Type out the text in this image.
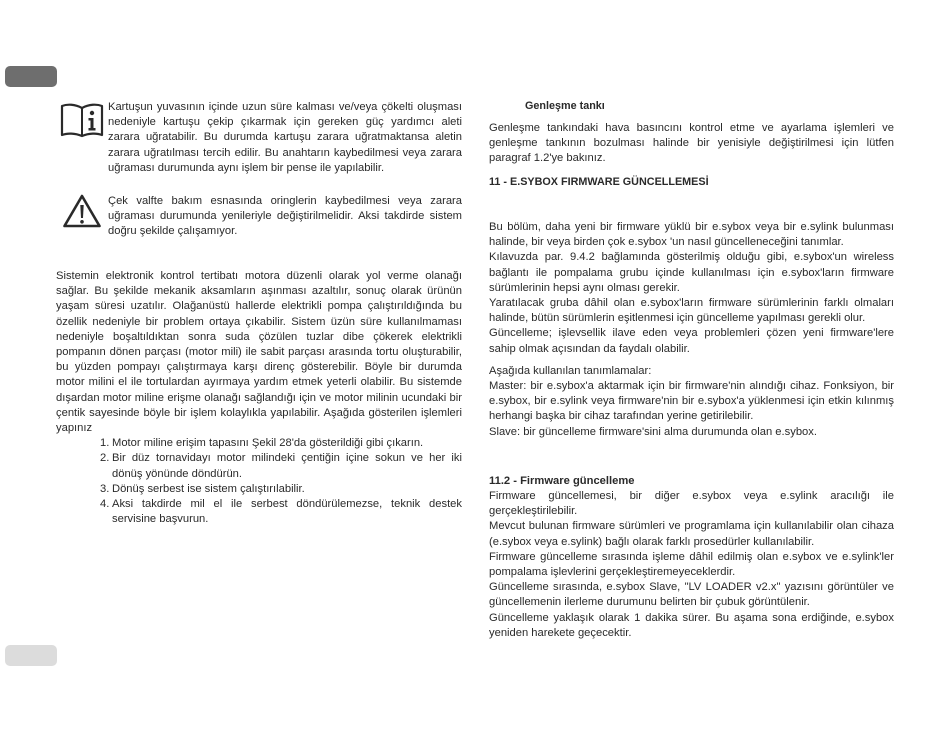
Kartuşun yuvasının içinde uzun süre kalması ve/veya çökelti oluşması nedeniyle kartuşu çekip çıkarmak için gereken güç yardımcı aleti zarara uğratabilir. Bu durumda kartuşu zarara uğratmaktansa aletin zarara uğratılması tercih edilir. Bu anahtarın kaybedilmesi veya zarara uğraması durumunda aynı işlem bir pense ile yapılabilir.

Çek valfte bakım esnasında oringlerin kaybedilmesi veya zarara uğraması durumunda yenileriyle değiştirilmelidir. Aksi takdirde sistem doğru şekilde çalışamıyor.

Sistemin elektronik kontrol tertibatı motora düzenli olarak yol verme olanağı sağlar. Bu şekilde mekanik aksamların aşınması azaltılır, sonuç olarak ürünün yaşam süresi uzatılır. Olağanüstü hallerde elektrikli pompa çalıştırıldığında bu özellik nedeniyle bir problem ortaya çıkabilir. Sistem üzün süre kullanılmaması nedeniyle boşaltıldıktan sonra suda çözülen tuzlar dibe çökerek elektrikli pompanın dönen parçası (motor mili) ile sabit parçası arasında tortu oluşturabilir, bu yüzden pompayı çalıştırmaya karşı direnç gösterebilir. Böyle bir durumda motor milini el ile tortulardan ayırmaya yardım etmek yeterli olabilir. Bu sistemde dışardan motor miline erişme olanağı sağlandığı için ve motor milinin ucundaki bir çentik sayesinde böyle bir işlem kolaylıkla yapılabilir. Aşağıda gösterilen işlemleri yapınız

1. Motor miline erişim tapasını Şekil 28'da gösterildiği gibi çıkarın.
2. Bir düz tornavidayı motor milindeki çentiğin içine sokun ve her iki dönüş yönünde döndürün.
3. Dönüş serbest ise sistem çalıştırılabilir.
4. Aksi takdirde mil el ile serbest döndürülemezse, teknik destek servisine başvurun.
Genleşme tankı

Genleşme tankındaki hava basıncını kontrol etme ve ayarlama işlemleri ve genleşme tankının bozulması halinde bir yenisiyle değiştirilmesi için lütfen paragraf 1.2'ye bakınız.

11 - E.SYBOX FIRMWARE GÜNCELLEMESİ

Bu bölüm, daha yeni bir firmware yüklü bir e.sybox veya bir e.sylink bulunması halinde, bir veya birden çok e.sybox 'un nasıl güncelleneceğini tanımlar.

Kılavuzda par. 9.4.2 bağlamında gösterilmiş olduğu gibi, e.sybox'un wireless bağlantı ile pompalama grubu içinde kullanılması için e.sybox'ların firmware sürümlerinin hepsi aynı olması gerekir.

Yaratılacak gruba dâhil olan e.sybox'ların firmware sürümlerinin farklı olmaları halinde, bütün sürümlerin eşitlenmesi için güncelleme yapılması gerekli olur.

Güncelleme; işlevsellik ilave eden veya problemleri çözen yeni firmware'lere sahip olmak açısından da faydalı olabilir.

Aşağıda kullanılan tanımlamalar:

Master: bir e.sybox'a aktarmak için bir firmware'nin alındığı cihaz. Fonksiyon, bir e.sybox, bir e.sylink veya firmware'nin bir e.sybox'a yüklenmesi için etkin kılınmış herhangi başka bir cihaz tarafından yerine getirilebilir.

Slave: bir güncelleme firmware'sini alma durumunda olan e.sybox.

11.2 - Firmware güncelleme

Firmware güncellemesi, bir diğer e.sybox veya e.sylink aracılığı ile gerçekleştirilebilir.

Mevcut bulunan firmware sürümleri ve programlama için kullanılabilir olan cihaza (e.sybox veya e.sylink) bağlı olarak farklı prosedürler kullanılabilir.

Firmware güncelleme sırasında işleme dâhil edilmiş olan e.sybox ve e.sylink'ler pompalama işlevlerini gerçekleştiremeyeceklerdir.

Güncelleme sırasında, e.sybox Slave, "LV LOADER v2.x" yazısını görüntüler ve güncellemenin ilerleme durumunu belirten bir çubuk görüntülenir.

Güncelleme yaklaşık olarak 1 dakika sürer. Bu aşama sona erdiğinde, e.sybox yeniden harekete geçecektir.
